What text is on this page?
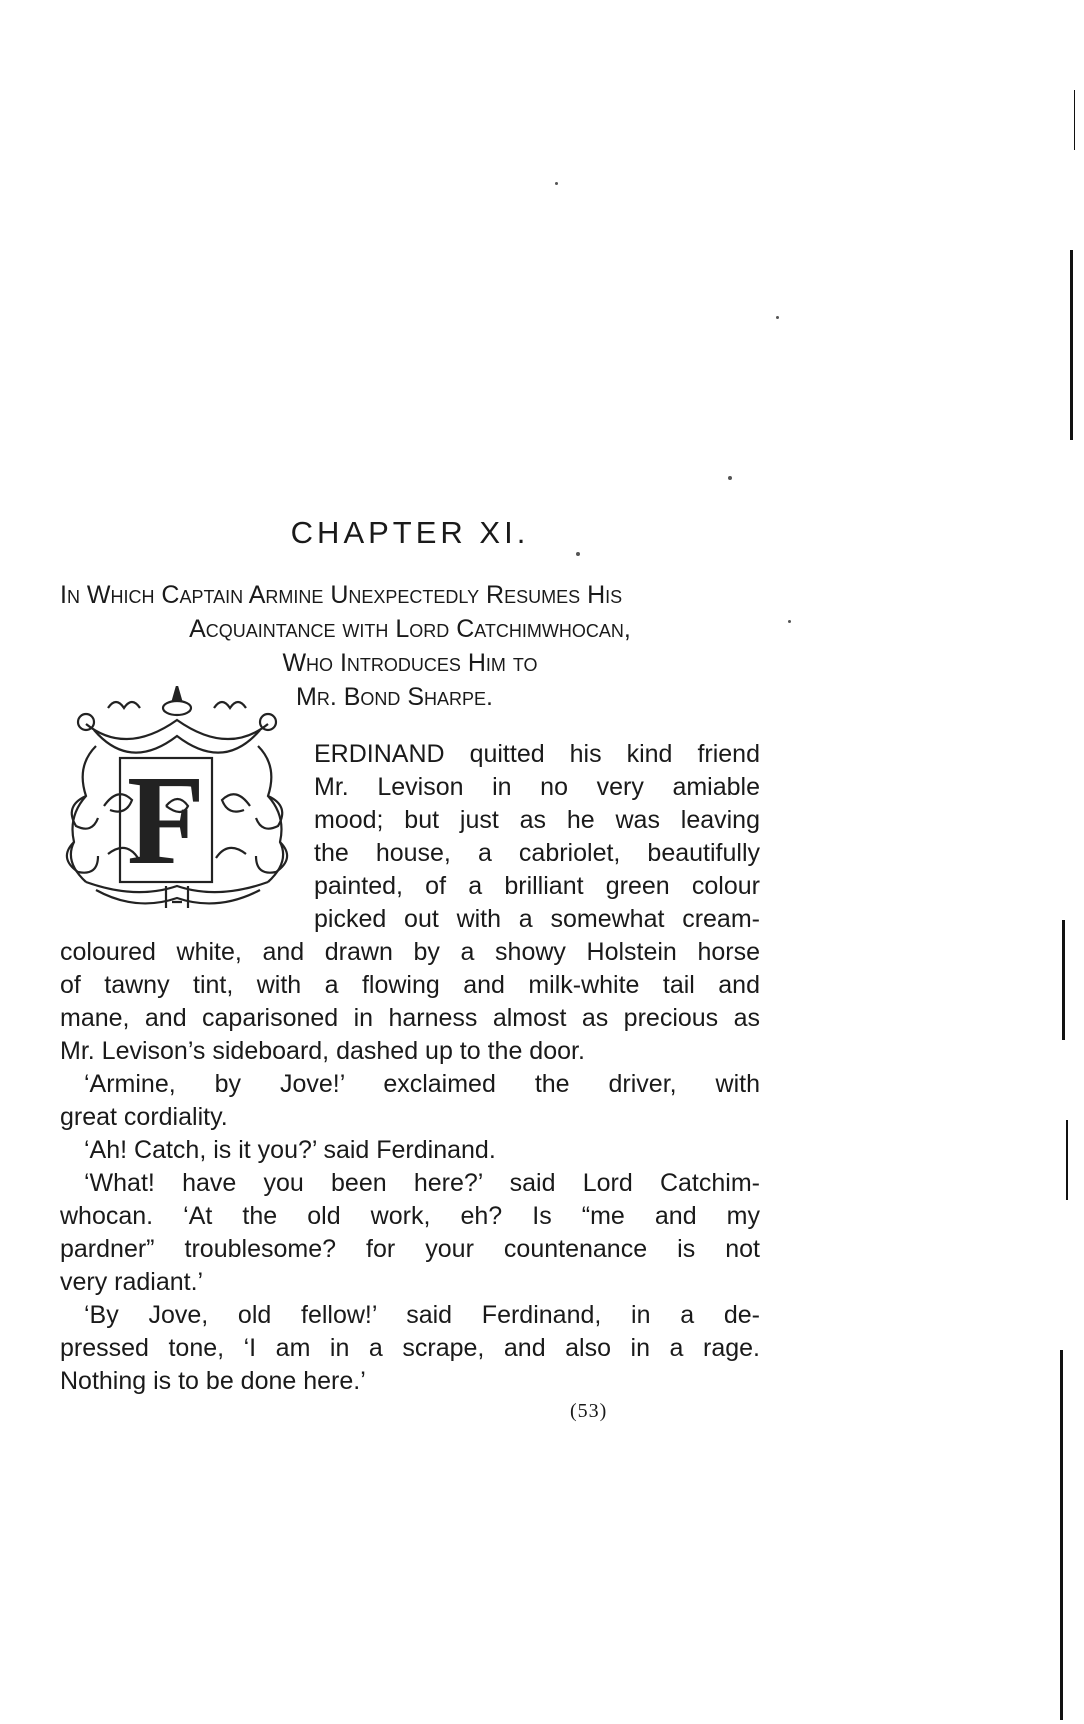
CHAPTER XI.
In Which Captain Armine Unexpectedly Resumes His
Acquaintance with Lord Catchimwhocan,
Who Introduces Him to
Mr. Bond Sharpe.
F	ERDINAND quitted his kind friend
Mr. Levison in no very amiable
mood; but just as he was leaving
the house, a cabriolet, beautifully
painted, of a brilliant green colour
picked out with a somewhat cream-
coloured white, and drawn by a showy Holstein horse
of tawny tint, with a flowing and milk-white tail and
mane, and caparisoned in harness almost as precious as
Mr. Levison’s sideboard, dashed up to the door.
‘Armine, by Jove!’ exclaimed the driver, with
great cordiality.
‘Ah! Catch, is it you?’ said Ferdinand.
‘What! have you been here?’ said Lord Catchim-
whocan. ‘At the old work, eh? Is “me and my
pardner” troublesome? for your countenance is not
very radiant.’
‘By Jove, old fellow!’ said Ferdinand, in a de-
pressed tone, ‘I am in a scrape, and also in a rage.
Nothing is to be done here.’
(53)
